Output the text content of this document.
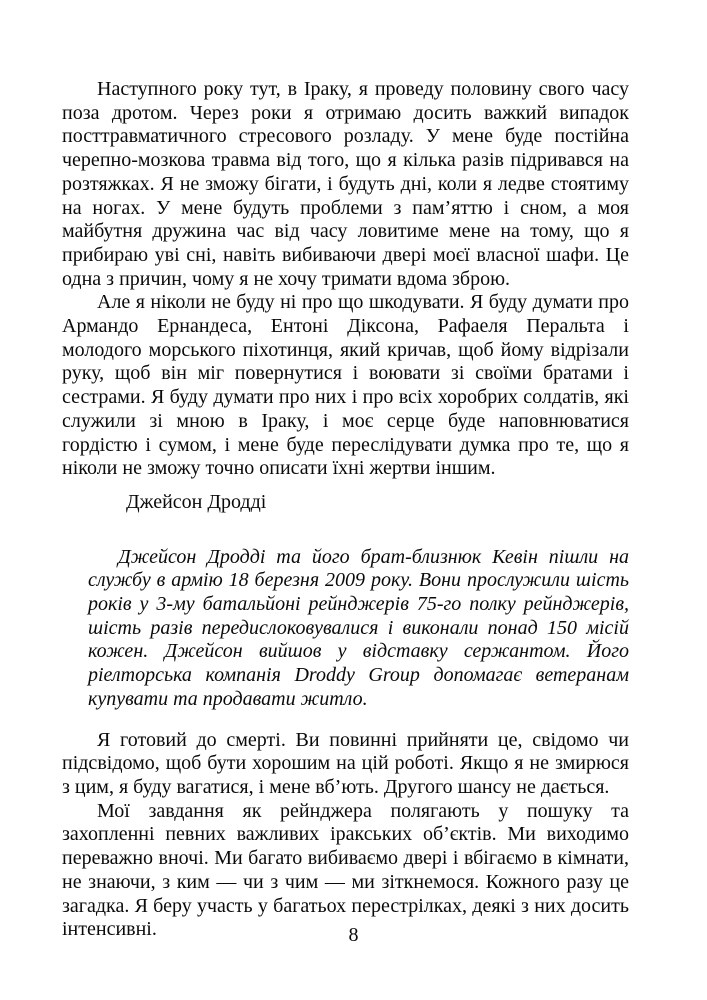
Наступного року тут, в Іраку, я проведу половину свого часу поза дротом. Через роки я отримаю досить важкий випадок посттравматичного стресового розладу. У мене буде постійна черепно-мозкова травма від того, що я кілька разів підривався на розтяжках. Я не зможу бігати, і будуть дні, коли я ледве стоятиму на ногах. У мене будуть проблеми з пам’яттю і сном, а моя майбутня дружина час від часу ловитиме мене на тому, що я прибираю уві сні, навіть вибиваючи двері моєї власної шафи. Це одна з причин, чому я не хочу тримати вдома зброю.

Але я ніколи не буду ні про що шкодувати. Я буду думати про Армандо Ернандеса, Ентоні Діксона, Рафаеля Перальта і молодого морського піхотинця, який кричав, щоб йому відрізали руку, щоб він міг повернутися і воювати зі своїми братами і сестрами. Я буду думати про них і про всіх хоробрих солдатів, які служили зі мною в Іраку, і моє серце буде наповнюватися гордістю і сумом, і мене буде переслідувати думка про те, що я ніколи не зможу точно описати їхні жертви іншим.

Джейсон Дродді

Джейсон Дродді та його брат-близнюк Кевін пішли на службу в армію 18 березня 2009 року. Вони прослужили шість років у 3-му батальйоні рейнджерів 75-го полку рейнджерів, шість разів передислоковувалися і виконали понад 150 місій кожен. Джейсон вийшов у відставку сержантом. Його ріелторська компанія Droddy Group допомагає ветеранам купувати та продавати житло.

Я готовий до смерті. Ви повинні прийняти це, свідомо чи підсвідомо, щоб бути хорошим на цій роботі. Якщо я не змирюся з цим, я буду вагатися, і мене вб’ють. Другого шансу не дається.

Мої завдання як рейнджера полягають у пошуку та захопленні певних важливих іракських об’єктів. Ми виходимо переважно вночі. Ми багато вибиваємо двері і вбігаємо в кімнати, не знаючи, з ким — чи з чим — ми зіткнемося. Кожного разу це загадка. Я беру участь у багатьох перестрілках, деякі з них досить інтенсивні.	8
